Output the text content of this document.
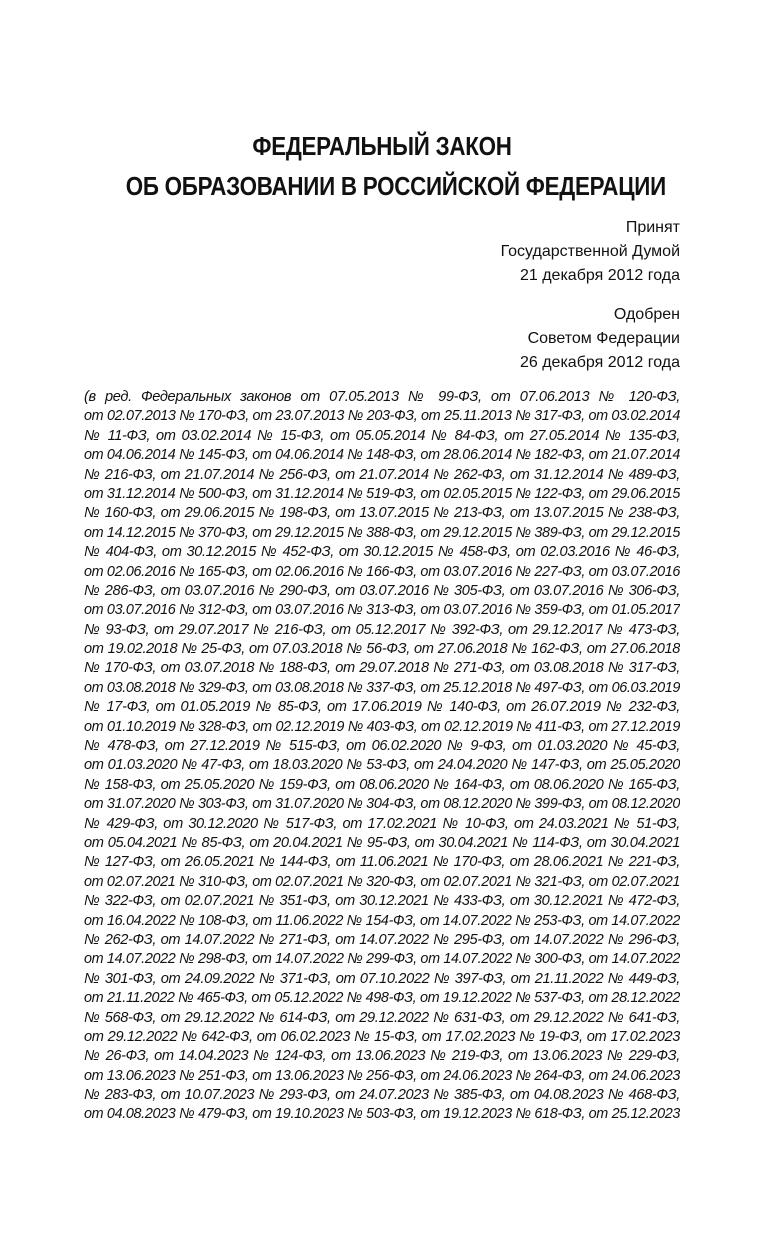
ФЕДЕРАЛЬНЫЙ ЗАКОН
ОБ ОБРАЗОВАНИИ В РОССИЙСКОЙ ФЕДЕРАЦИИ
Принят
Государственной Думой
21 декабря 2012 года
Одобрен
Советом Федерации
26 декабря 2012 года
(в ред. Федеральных законов от 07.05.2013 № 99-ФЗ, от 07.06.2013 № 120-ФЗ,
от 02.07.2013 № 170-ФЗ, от 23.07.2013 № 203-ФЗ, от 25.11.2013 № 317-ФЗ, от 03.02.2014
№ 11-ФЗ, от 03.02.2014 № 15-ФЗ, от 05.05.2014 № 84-ФЗ, от 27.05.2014 № 135-ФЗ,
от 04.06.2014 № 145-ФЗ, от 04.06.2014 № 148-ФЗ, от 28.06.2014 № 182-ФЗ, от 21.07.2014
№ 216-ФЗ, от 21.07.2014 № 256-ФЗ, от 21.07.2014 № 262-ФЗ, от 31.12.2014 № 489-ФЗ,
от 31.12.2014 № 500-ФЗ, от 31.12.2014 № 519-ФЗ, от 02.05.2015 № 122-ФЗ, от 29.06.2015
№ 160-ФЗ, от 29.06.2015 № 198-ФЗ, от 13.07.2015 № 213-ФЗ, от 13.07.2015 № 238-ФЗ,
от 14.12.2015 № 370-ФЗ, от 29.12.2015 № 388-ФЗ, от 29.12.2015 № 389-ФЗ, от 29.12.2015
№ 404-ФЗ, от 30.12.2015 № 452-ФЗ, от 30.12.2015 № 458-ФЗ, от 02.03.2016 № 46-ФЗ,
от 02.06.2016 № 165-ФЗ, от 02.06.2016 № 166-ФЗ, от 03.07.2016 № 227-ФЗ, от 03.07.2016
№ 286-ФЗ, от 03.07.2016 № 290-ФЗ, от 03.07.2016 № 305-ФЗ, от 03.07.2016 № 306-ФЗ,
от 03.07.2016 № 312-ФЗ, от 03.07.2016 № 313-ФЗ, от 03.07.2016 № 359-ФЗ, от 01.05.2017
№ 93-ФЗ, от 29.07.2017 № 216-ФЗ, от 05.12.2017 № 392-ФЗ, от 29.12.2017 № 473-ФЗ,
от 19.02.2018 № 25-ФЗ, от 07.03.2018 № 56-ФЗ, от 27.06.2018 № 162-ФЗ, от 27.06.2018
№ 170-ФЗ, от 03.07.2018 № 188-ФЗ, от 29.07.2018 № 271-ФЗ, от 03.08.2018 № 317-ФЗ,
от 03.08.2018 № 329-ФЗ, от 03.08.2018 № 337-ФЗ, от 25.12.2018 № 497-ФЗ, от 06.03.2019
№ 17-ФЗ, от 01.05.2019 № 85-ФЗ, от 17.06.2019 № 140-ФЗ, от 26.07.2019 № 232-ФЗ,
от 01.10.2019 № 328-ФЗ, от 02.12.2019 № 403-ФЗ, от 02.12.2019 № 411-ФЗ, от 27.12.2019
№ 478-ФЗ, от 27.12.2019 № 515-ФЗ, от 06.02.2020 № 9-ФЗ, от 01.03.2020 № 45-ФЗ,
от 01.03.2020 № 47-ФЗ, от 18.03.2020 № 53-ФЗ, от 24.04.2020 № 147-ФЗ, от 25.05.2020
№ 158-ФЗ, от 25.05.2020 № 159-ФЗ, от 08.06.2020 № 164-ФЗ, от 08.06.2020 № 165-ФЗ,
от 31.07.2020 № 303-ФЗ, от 31.07.2020 № 304-ФЗ, от 08.12.2020 № 399-ФЗ, от 08.12.2020
№ 429-ФЗ, от 30.12.2020 № 517-ФЗ, от 17.02.2021 № 10-ФЗ, от 24.03.2021 № 51-ФЗ,
от 05.04.2021 № 85-ФЗ, от 20.04.2021 № 95-ФЗ, от 30.04.2021 № 114-ФЗ, от 30.04.2021
№ 127-ФЗ, от 26.05.2021 № 144-ФЗ, от 11.06.2021 № 170-ФЗ, от 28.06.2021 № 221-ФЗ,
от 02.07.2021 № 310-ФЗ, от 02.07.2021 № 320-ФЗ, от 02.07.2021 № 321-ФЗ, от 02.07.2021
№ 322-ФЗ, от 02.07.2021 № 351-ФЗ, от 30.12.2021 № 433-ФЗ, от 30.12.2021 № 472-ФЗ,
от 16.04.2022 № 108-ФЗ, от 11.06.2022 № 154-ФЗ, от 14.07.2022 № 253-ФЗ, от 14.07.2022
№ 262-ФЗ, от 14.07.2022 № 271-ФЗ, от 14.07.2022 № 295-ФЗ, от 14.07.2022 № 296-ФЗ,
от 14.07.2022 № 298-ФЗ, от 14.07.2022 № 299-ФЗ, от 14.07.2022 № 300-ФЗ, от 14.07.2022
№ 301-ФЗ, от 24.09.2022 № 371-ФЗ, от 07.10.2022 № 397-ФЗ, от 21.11.2022 № 449-ФЗ,
от 21.11.2022 № 465-ФЗ, от 05.12.2022 № 498-ФЗ, от 19.12.2022 № 537-ФЗ, от 28.12.2022
№ 568-ФЗ, от 29.12.2022 № 614-ФЗ, от 29.12.2022 № 631-ФЗ, от 29.12.2022 № 641-ФЗ,
от 29.12.2022 № 642-ФЗ, от 06.02.2023 № 15-ФЗ, от 17.02.2023 № 19-ФЗ, от 17.02.2023
№ 26-ФЗ, от 14.04.2023 № 124-ФЗ, от 13.06.2023 № 219-ФЗ, от 13.06.2023 № 229-ФЗ,
от 13.06.2023 № 251-ФЗ, от 13.06.2023 № 256-ФЗ, от 24.06.2023 № 264-ФЗ, от 24.06.2023
№ 283-ФЗ, от 10.07.2023 № 293-ФЗ, от 24.07.2023 № 385-ФЗ, от 04.08.2023 № 468-ФЗ,
от 04.08.2023 № 479-ФЗ, от 19.10.2023 № 503-ФЗ, от 19.12.2023 № 618-ФЗ, от 25.12.2023
